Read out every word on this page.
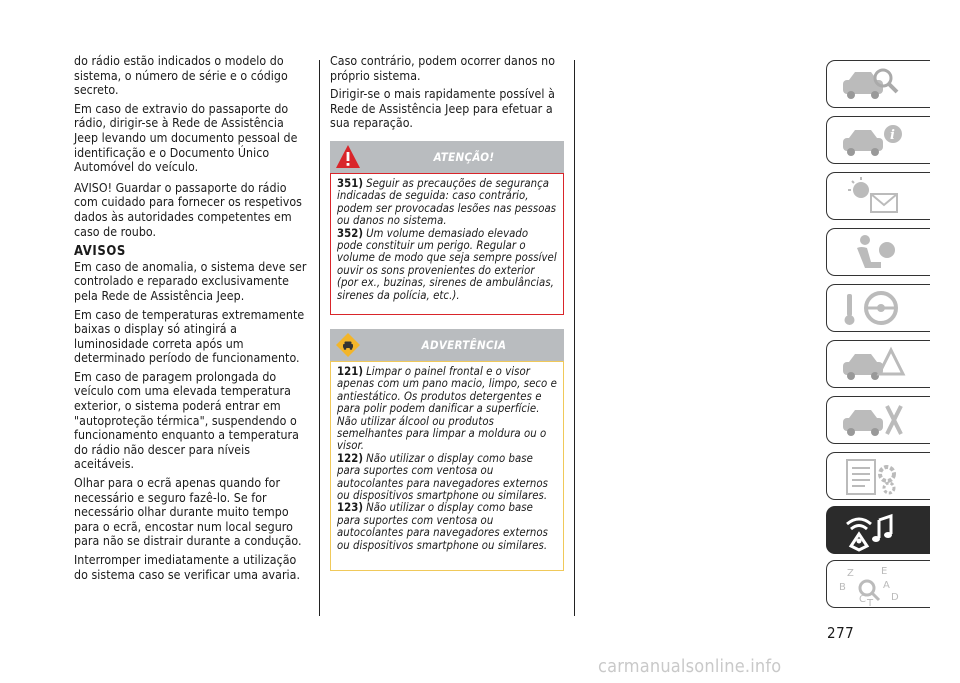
do rádio estão indicados o modelo do sistema, o número de série e o código secreto.

Em caso de extravio do passaporte do rádio, dirigir-se à Rede de Assistência Jeep levando um documento pessoal de identificação e o Documento Único Automóvel do veículo.

AVISO! Guardar o passaporte do rádio com cuidado para fornecer os respetivos dados às autoridades competentes em caso de roubo.

AVISOS

Em caso de anomalia, o sistema deve ser controlado e reparado exclusivamente pela Rede de Assistência Jeep.

Em caso de temperaturas extremamente baixas o display só atingirá a luminosidade correta após um determinado período de funcionamento.

Em caso de paragem prolongada do veículo com uma elevada temperatura exterior, o sistema poderá entrar em "autoproteção térmica", suspendendo o funcionamento enquanto a temperatura do rádio não descer para níveis aceitáveis.

Olhar para o ecrã apenas quando for necessário e seguro fazê-lo. Se for necessário olhar durante muito tempo para o ecrã, encostar num local seguro para não se distrair durante a condução.

Interromper imediatamente a utilização do sistema caso se verificar uma avaria.

Caso contrário, podem ocorrer danos no próprio sistema.

Dirigir-se o mais rapidamente possível à Rede de Assistência Jeep para efetuar a sua reparação.

ATENÇÃO!
351) Seguir as precauções de segurança indicadas de seguida: caso contrário, podem ser provocadas lesões nas pessoas ou danos no sistema.
352) Um volume demasiado elevado pode constituir um perigo. Regular o volume de modo que seja sempre possível ouvir os sons provenientes do exterior (por ex., buzinas, sirenes de ambulâncias, sirenes da polícia, etc.).
ADVERTÊNCIA
121) Limpar o painel frontal e o visor apenas com um pano macio, limpo, seco e antiestático. Os produtos detergentes e para polir podem danificar a superfície. Não utilizar álcool ou produtos semelhantes para limpar a moldura ou o visor.
122) Não utilizar o display como base para suportes com ventosa ou autocolantes para navegadores externos ou dispositivos smartphone ou similares.
123) Não utilizar o display como base para suportes com ventosa ou autocolantes para navegadores externos ou dispositivos smartphone ou similares.
i
Z	E
B	A
C	D
T
277
carmanualsonline.info
